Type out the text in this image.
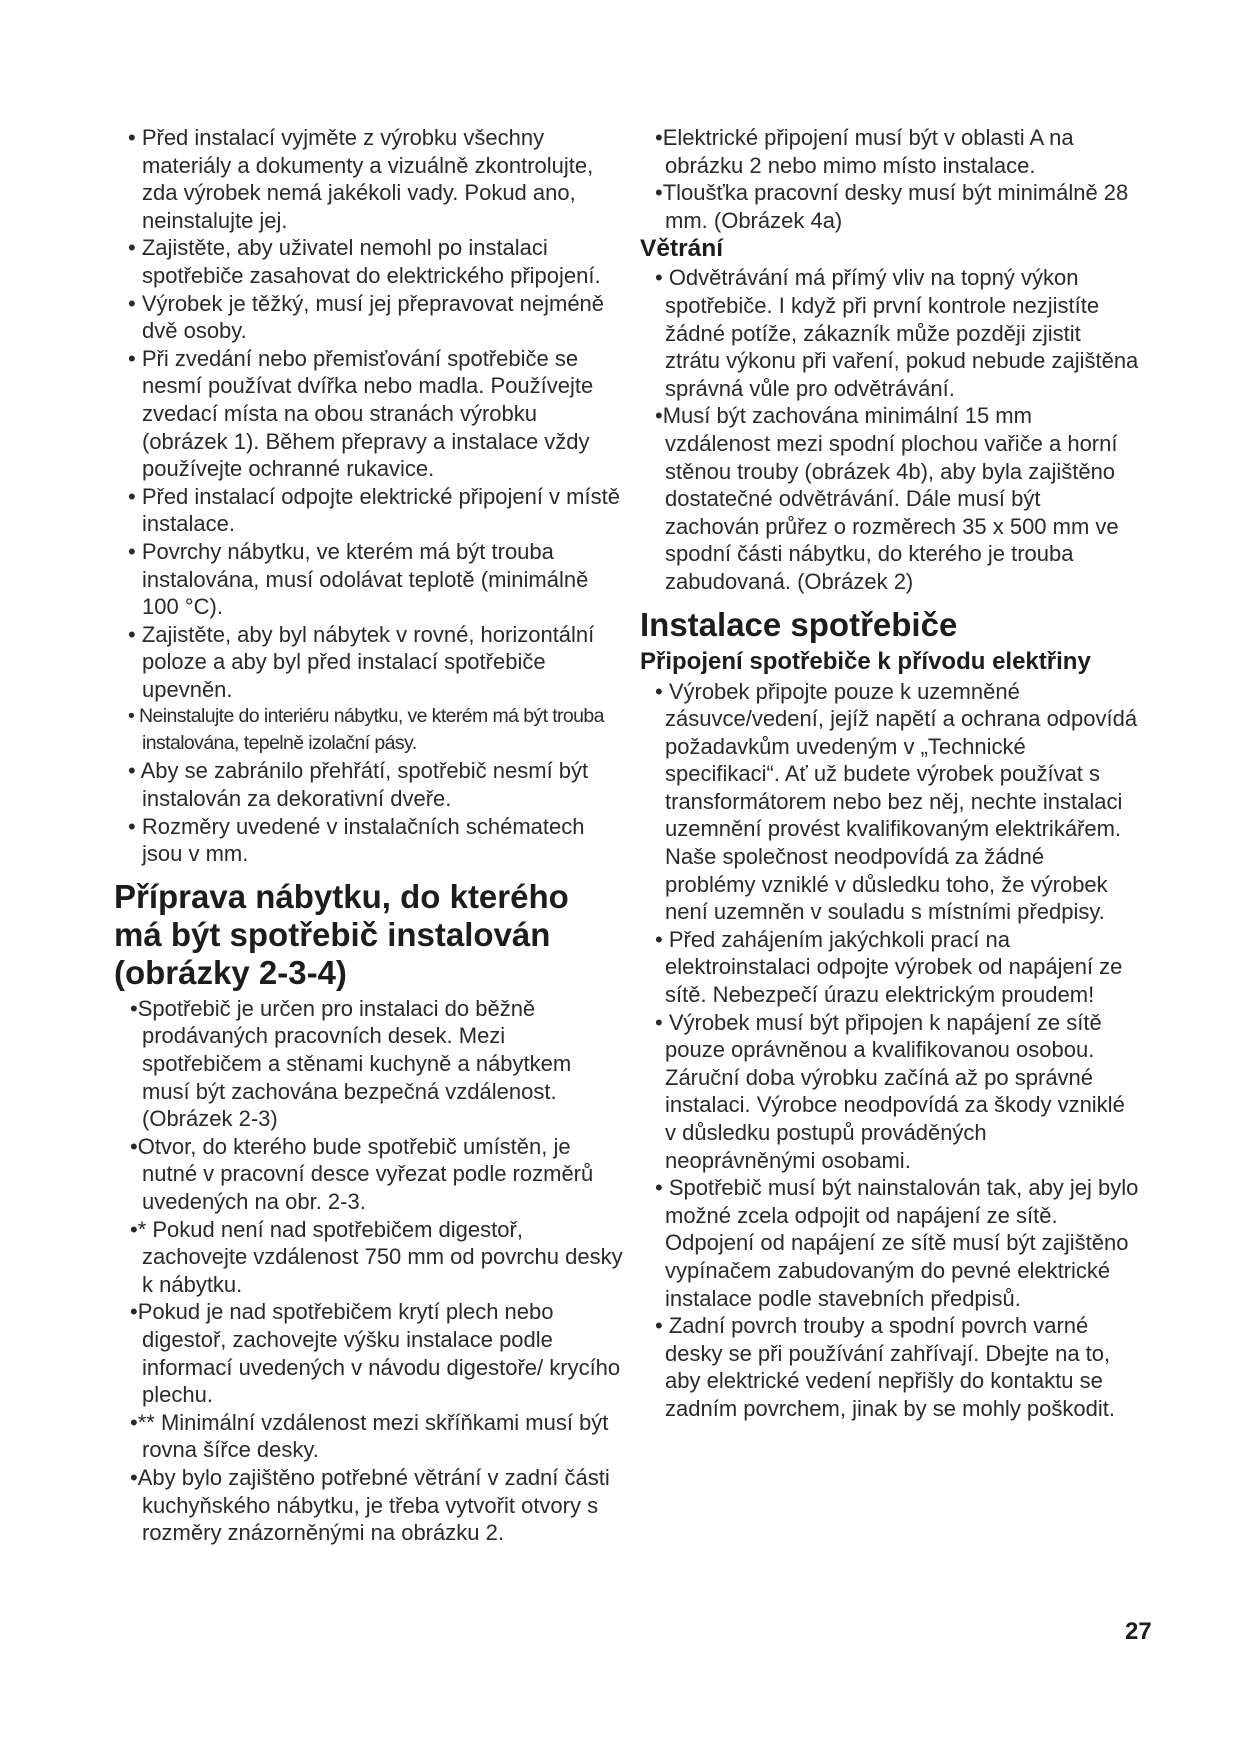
• Před instalací vyjměte z výrobku všechny materiály a dokumenty a vizuálně zkontrolujte, zda výrobek nemá jakékoli vady. Pokud ano, neinstalujte jej.

• Zajistěte, aby uživatel nemohl po instalaci spotřebiče zasahovat do elektrického připojení.

• Výrobek je těžký, musí jej přepravovat nejméně dvě osoby.

• Při zvedání nebo přemisťování spotřebiče se nesmí používat dvířka nebo madla. Používejte zvedací místa na obou stranách výrobku (obrázek 1). Během přepravy a instalace vždy používejte ochranné rukavice.

• Před instalací odpojte elektrické připojení v místě instalace.

• Povrchy nábytku, ve kterém má být trouba instalována, musí odolávat teplotě (minimálně 100 °C).

• Zajistěte, aby byl nábytek v rovné, horizontální poloze a aby byl před instalací spotřebiče upevněn.

• Neinstalujte do interiéru nábytku, ve kterém má být trouba instalována, tepelně izolační pásy.

• Aby se zabránilo přehřátí, spotřebič nesmí být instalován za dekorativní dveře.

• Rozměry uvedené v instalačních schématech jsou v mm.

Příprava nábytku, do kterého má být spotřebič instalován (obrázky 2-3-4)

•Spotřebič je určen pro instalaci do běžně prodávaných pracovních desek. Mezi spotřebičem a stěnami kuchyně a nábytkem musí být zachována bezpečná vzdálenost. (Obrázek 2-3)

•Otvor, do kterého bude spotřebič umístěn, je nutné v pracovní desce vyřezat podle rozměrů uvedených na obr. 2-3.

•* Pokud není nad spotřebičem digestoř, zachovejte vzdálenost 750 mm od povrchu desky k nábytku.

•Pokud je nad spotřebičem krytí plech nebo digestoř, zachovejte výšku instalace podle informací uvedených v návodu digestoře/ krycího plechu.

•** Minimální vzdálenost mezi skříňkami musí být rovna šířce desky.

•Aby bylo zajištěno potřebné větrání v zadní části kuchyňského nábytku, je třeba vytvořit otvory s rozměry znázorněnými na obrázku 2.

•Elektrické připojení musí být v oblasti A na obrázku 2 nebo mimo místo instalace.

•Tloušťka pracovní desky musí být minimálně 28 mm. (Obrázek 4a)

Větrání

• Odvětrávání má přímý vliv na topný výkon spotřebiče. I když při první kontrole nezjistíte žádné potíže, zákazník může později zjistit ztrátu výkonu při vaření, pokud nebude zajištěna správná vůle pro odvětrávání.

•Musí být zachována minimální 15 mm vzdálenost mezi spodní plochou vařiče a horní stěnou trouby (obrázek 4b), aby byla zajištěno dostatečné odvětrávání. Dále musí být zachován průřez o rozměrech 35 x 500 mm ve spodní části nábytku, do kterého je trouba zabudovaná. (Obrázek 2)

Instalace spotřebiče

Připojení spotřebiče k přívodu elektřiny

• Výrobek připojte pouze k uzemněné zásuvce/vedení, jejíž napětí a ochrana odpovídá požadavkům uvedeným v „Technické specifikaci“. Ať už budete výrobek používat s transformátorem nebo bez něj, nechte instalaci uzemnění provést kvalifikovaným elektrikářem. Naše společnost neodpovídá za žádné problémy vzniklé v důsledku toho, že výrobek není uzemněn v souladu s místními předpisy.

• Před zahájením jakýchkoli prací na elektroinstalaci odpojte výrobek od napájení ze sítě. Nebezpečí úrazu elektrickým proudem!

• Výrobek musí být připojen k napájení ze sítě pouze oprávněnou a kvalifikovanou osobou. Záruční doba výrobku začíná až po správné instalaci. Výrobce neodpovídá za škody vzniklé v důsledku postupů prováděných neoprávněnými osobami.

• Spotřebič musí být nainstalován tak, aby jej bylo možné zcela odpojit od napájení ze sítě. Odpojení od napájení ze sítě musí být zajištěno vypínačem zabudovaným do pevné elektrické instalace podle stavebních předpisů.

• Zadní povrch trouby a spodní povrch varné desky se při používání zahřívají. Dbejte na to, aby elektrické vedení nepřišly do kontaktu se zadním povrchem, jinak by se mohly poškodit.

27
